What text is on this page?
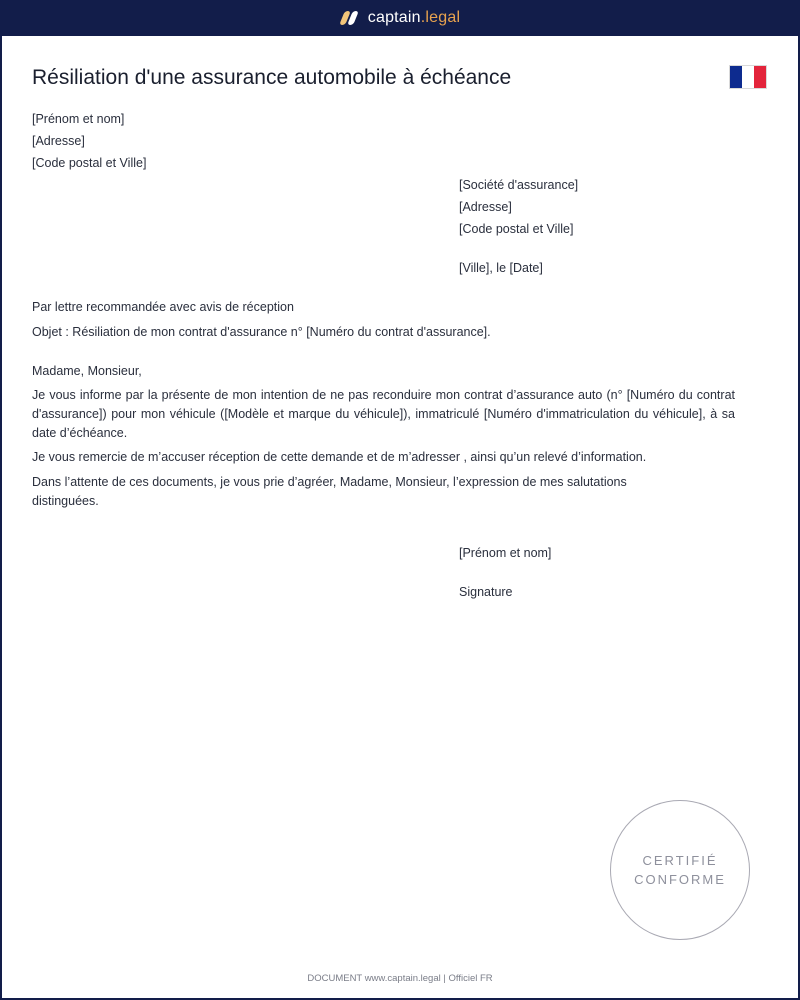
captain.legal
Résiliation d'une assurance automobile à échéance
[Prénom et nom]
[Adresse]
[Code postal et Ville]
[Société d'assurance]
[Adresse]
[Code postal et Ville]
[Ville], le [Date]
Par lettre recommandée avec avis de réception
Objet : Résiliation de mon contrat d'assurance n° [Numéro du contrat d'assurance].
Madame, Monsieur,

Je vous informe par la présente de mon intention de ne pas reconduire mon contrat d’assurance auto (n° [Numéro du contrat d'assurance]) pour mon véhicule ([Modèle et marque du véhicule]), immatriculé [Numéro d'immatriculation du véhicule], à sa date d’échéance.

Je vous remercie de m’accuser réception de cette demande et de m’adresser , ainsi qu’un relevé d’information.

Dans l’attente de ces documents, je vous prie d’agréer, Madame, Monsieur, l’expression de mes salutations distinguées.

[Prénom et nom]
Signature
CERTIFIÉ
CONFORME
DOCUMENT www.captain.legal | Officiel FR
